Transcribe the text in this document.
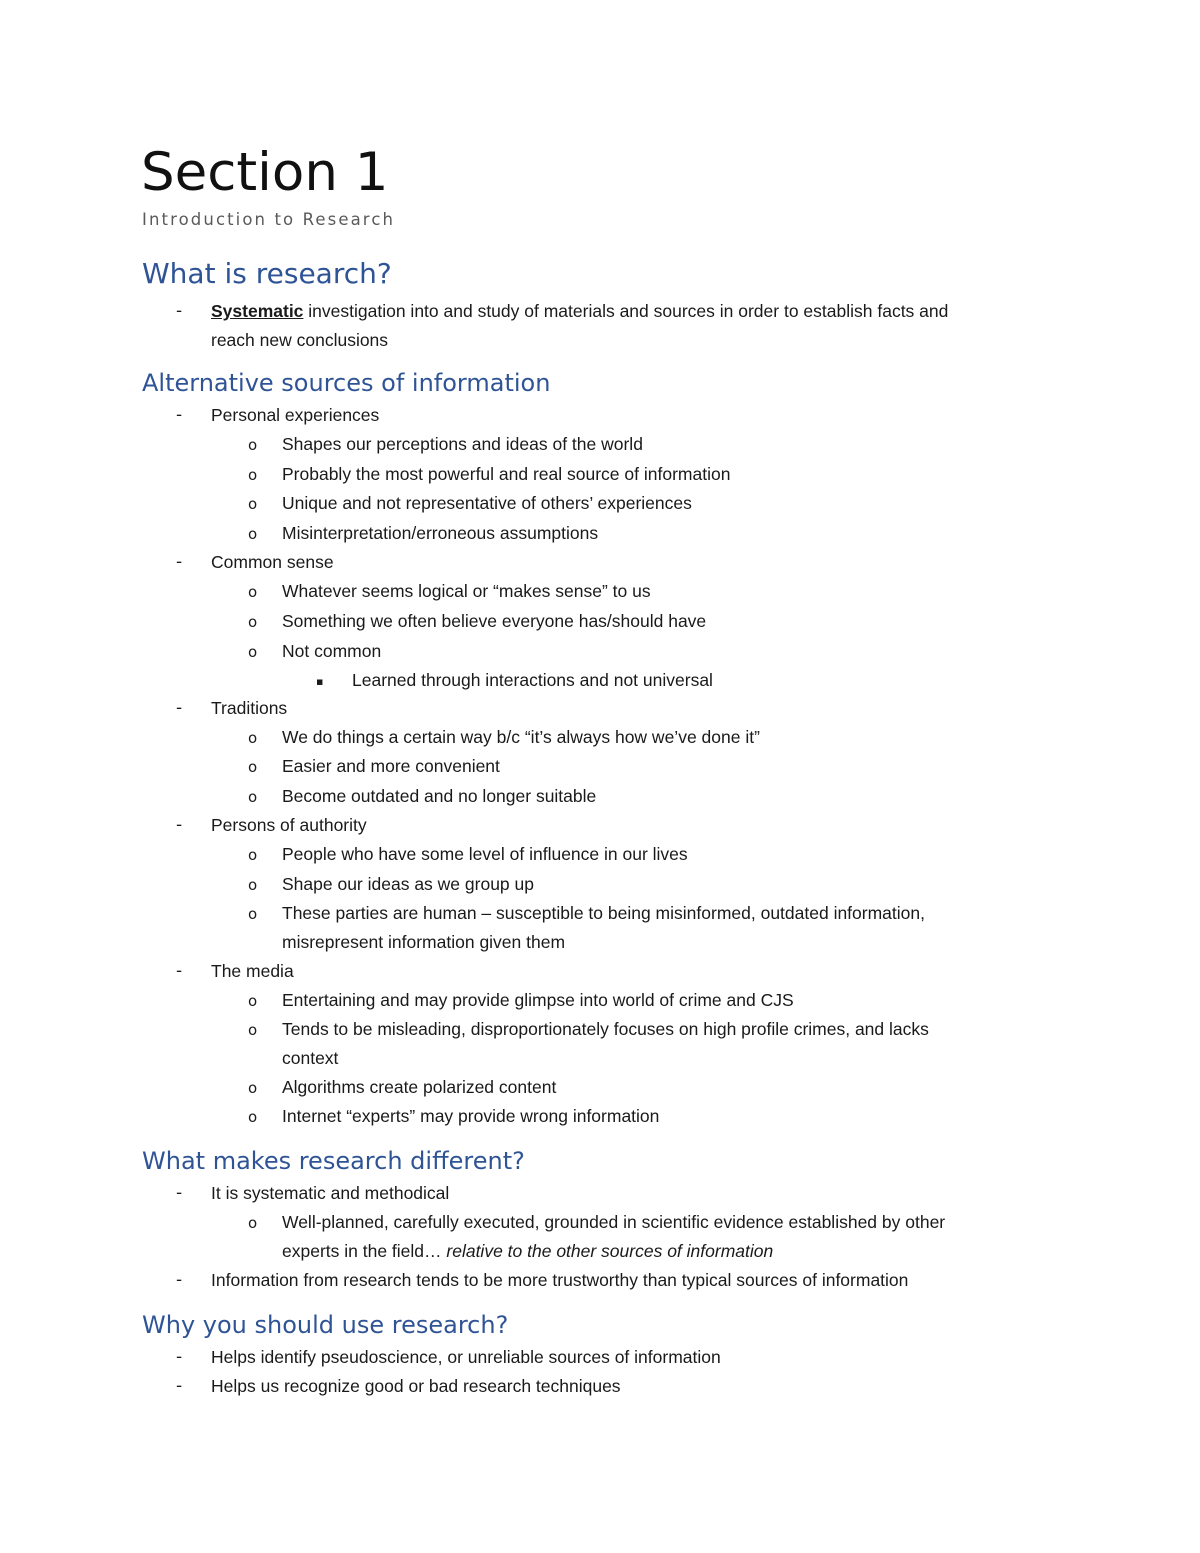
Section 1
Introduction to Research
What is research?
- Systematic investigation into and study of materials and sources in order to establish facts and
reach new conclusions
Alternative sources of information
- Personal experiences
o Shapes our perceptions and ideas of the world
o Probably the most powerful and real source of information
o Unique and not representative of others’ experiences
o Misinterpretation/erroneous assumptions
- Common sense
o Whatever seems logical or “makes sense” to us
o Something we often believe everyone has/should have
o Not common
▪ Learned through interactions and not universal
- Traditions
o We do things a certain way b/c “it’s always how we’ve done it”
o Easier and more convenient
o Become outdated and no longer suitable
- Persons of authority
o People who have some level of influence in our lives
o Shape our ideas as we group up
o These parties are human – susceptible to being misinformed, outdated information,
misrepresent information given them
- The media
o Entertaining and may provide glimpse into world of crime and CJS
o Tends to be misleading, disproportionately focuses on high profile crimes, and lacks
context
o Algorithms create polarized content
o Internet “experts” may provide wrong information
What makes research different?
- It is systematic and methodical
o Well-planned, carefully executed, grounded in scientific evidence established by other
experts in the field… relative to the other sources of information
- Information from research tends to be more trustworthy than typical sources of information
Why you should use research?
- Helps identify pseudoscience, or unreliable sources of information
- Helps us recognize good or bad research techniques
